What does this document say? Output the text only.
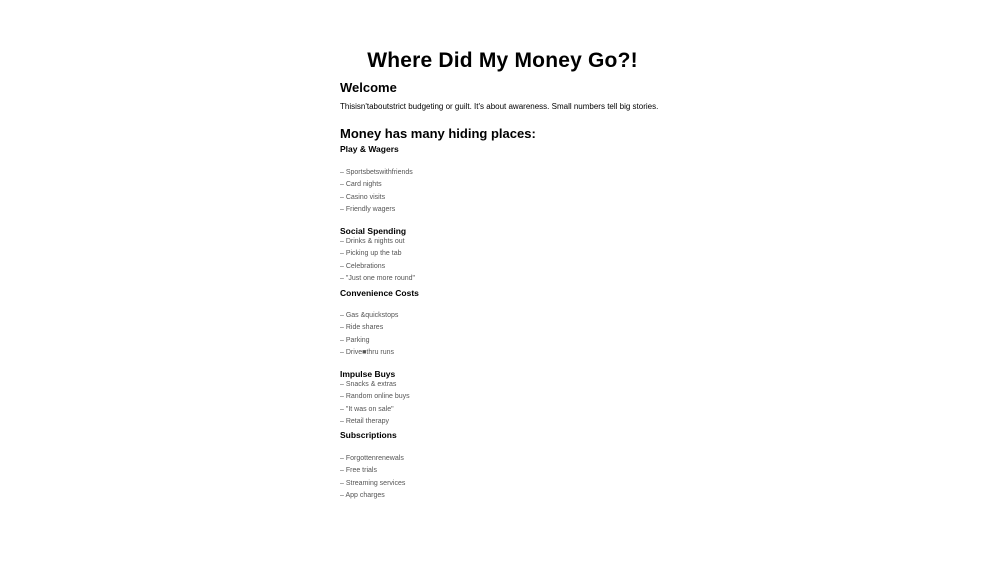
Where Did My Money Go?!
Welcome
Thisisn'taboutstrict budgeting or guilt. It's about awareness. Small numbers tell big stories.
Money has many hiding places:
Play & Wagers
– Sportsbetswithfriends
– Card nights
– Casino visits
– Friendly wagers
Social Spending
– Drinks & nights out
– Picking up the tab
– Celebrations
– "Just one more round"
Convenience Costs
– Gas &quickstops
– Ride shares
– Parking
– Drive■thru runs
Impulse Buys
– Snacks & extras
– Random online buys
– "It was on sale"
– Retail therapy
Subscriptions
– Forgottenrenewals
– Free trials
– Streaming services
– App charges
